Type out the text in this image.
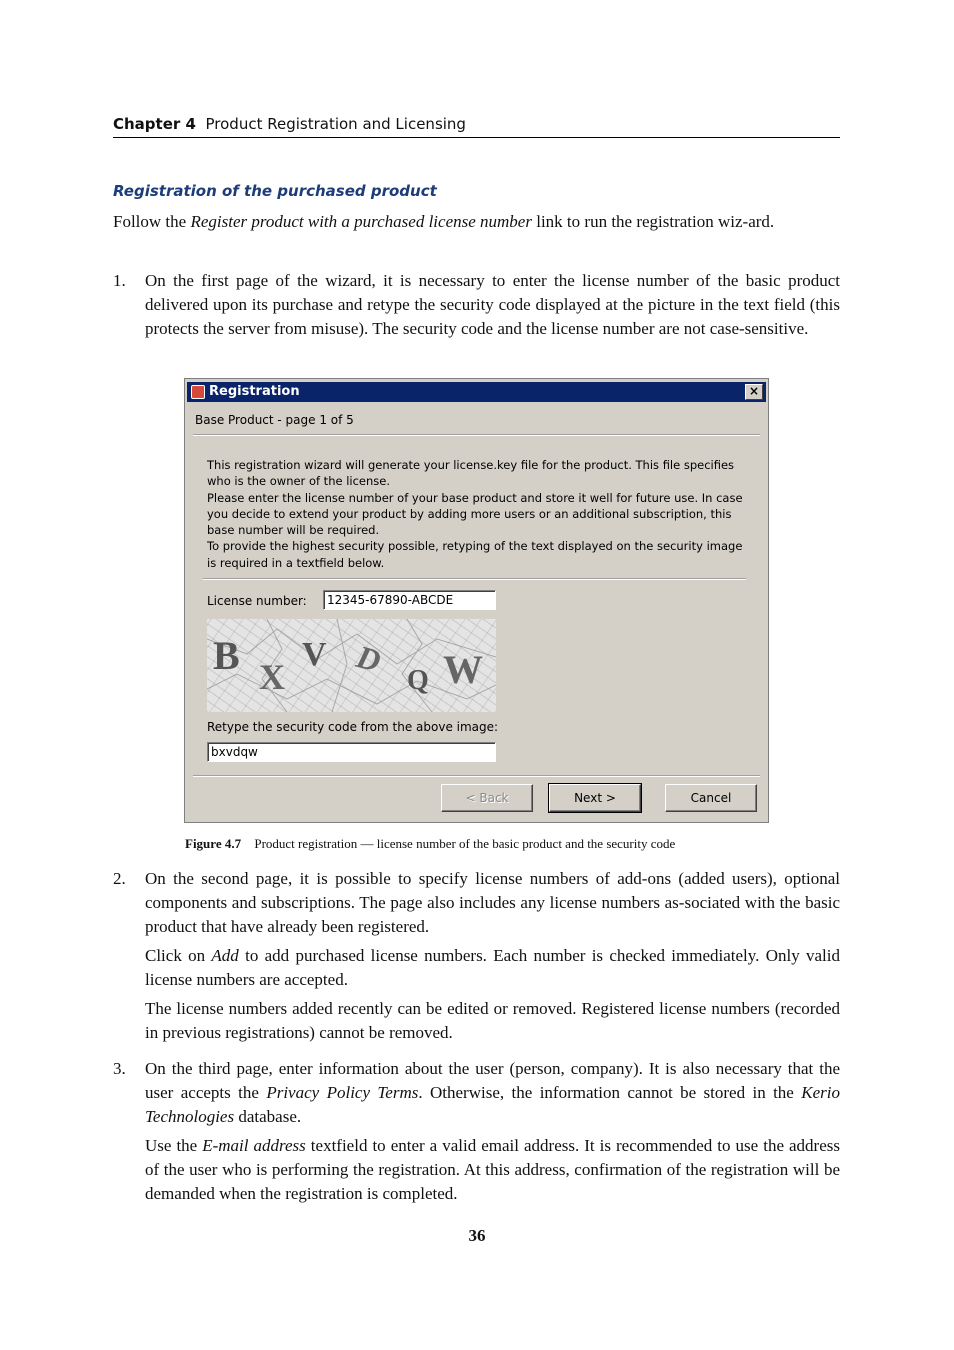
Chapter 4 Product Registration and Licensing
Registration of the purchased product

Follow the Register product with a purchased license number link to run the registration wiz-ard.

1.	On the first page of the wizard, it is necessary to enter the license number of the basic product delivered upon its purchase and retype the security code displayed at the picture in the text field (this protects the server from misuse). The security code and the license number are not case-sensitive.

Registration	×
Base Product - page 1 of 5

This registration wizard will generate your license.key file for the product. This file specifies who is the owner of the license.

Please enter the license number of your base product and store it well for future use. In case you decide to extend your product by adding more users or an additional subscription, this base number will be required.

To provide the highest security possible, retyping of the text displayed on the security image is required in a textfield below.

License number:	12345-67890-ABCDE
B X
V D
Q W
Retype the security code from the above image:
bxvdqw
< Back	Next >	Cancel
Figure 4.7 Product registration — license number of the basic product and the security code
2.	On the second page, it is possible to specify license numbers of add-ons (added users), optional components and subscriptions. The page also includes any license numbers as-sociated with the basic product that have already been registered.

Click on Add to add purchased license numbers. Each number is checked immediately. Only valid license numbers are accepted.

The license numbers added recently can be edited or removed. Registered license numbers (recorded in previous registrations) cannot be removed.

3.	On the third page, enter information about the user (person, company). It is also necessary that the user accepts the Privacy Policy Terms. Otherwise, the information cannot be stored in the Kerio Technologies database.

Use the E-mail address textfield to enter a valid email address. It is recommended to use the address of the user who is performing the registration. At this address, confirmation of the registration will be demanded when the registration is completed.

36
